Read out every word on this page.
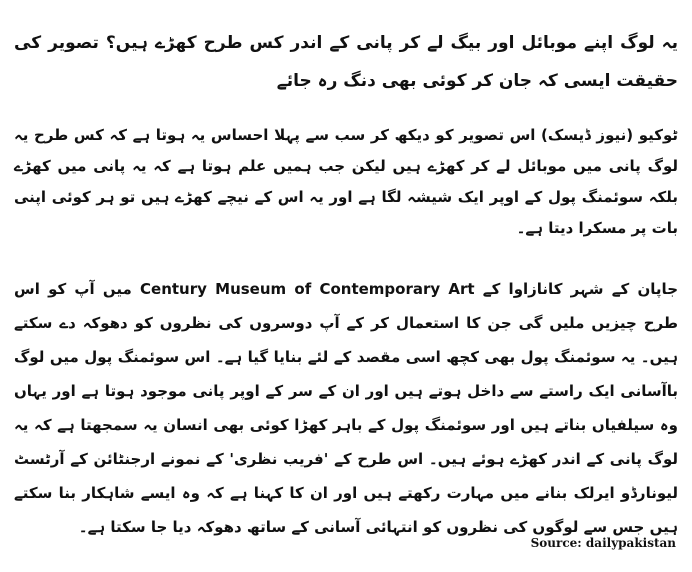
یہ لوگ اپنے موبائل اور بیگ لے کر پانی کے اندر کس طرح کھڑے ہیں؟ تصویر کی حقیقت ایسی کہ جان کر کوئی بھی دنگ رہ جائے

ٹوکیو (نیوز ڈیسک) اس تصویر کو دیکھ کر سب سے پہلا احساس یہ ہوتا ہے کہ کس طرح یہ لوگ پانی میں موبائل لے کر کھڑے ہیں لیکن جب ہمیں علم ہوتا ہے کہ یہ پانی میں کھڑے بلکہ سوئمنگ پول کے اوپر ایک شیشہ لگا ہے اور یہ اس کے نیچے کھڑے ہیں تو ہر کوئی اپنی بات پر مسکرا دیتا ہے۔

جاپان کے شہر کانازاوا کے Century Museum of Contemporary Art میں آپ کو اس طرح چیزیں ملیں گی جن کا استعمال کر کے آپ دوسروں کی نظروں کو دھوکہ دے سکتے ہیں۔ یہ سوئمنگ پول بھی کچھ اسی مقصد کے لئے بنایا گیا ہے۔ اس سوئمنگ پول میں لوگ باآسانی ایک راستے سے داخل ہوتے ہیں اور ان کے سر کے اوپر پانی موجود ہوتا ہے اور یہاں وہ سیلفیاں بناتے ہیں اور سوئمنگ پول کے باہر کھڑا کوئی بھی انسان یہ سمجھتا ہے کہ یہ لوگ پانی کے اندر کھڑے ہوئے ہیں۔ اس طرح کے 'فریب نظری' کے نمونے ارجنٹائن کے آرٹسٹ لیونارڈو ایرلک بنانے میں مہارت رکھتے ہیں اور ان کا کہنا ہے کہ وہ ایسے شاہکار بنا سکتے ہیں جس سے لوگوں کی نظروں کو انتہائی آسانی کے ساتھ دھوکہ دیا جا سکتا ہے۔

Source: dailypakistan
